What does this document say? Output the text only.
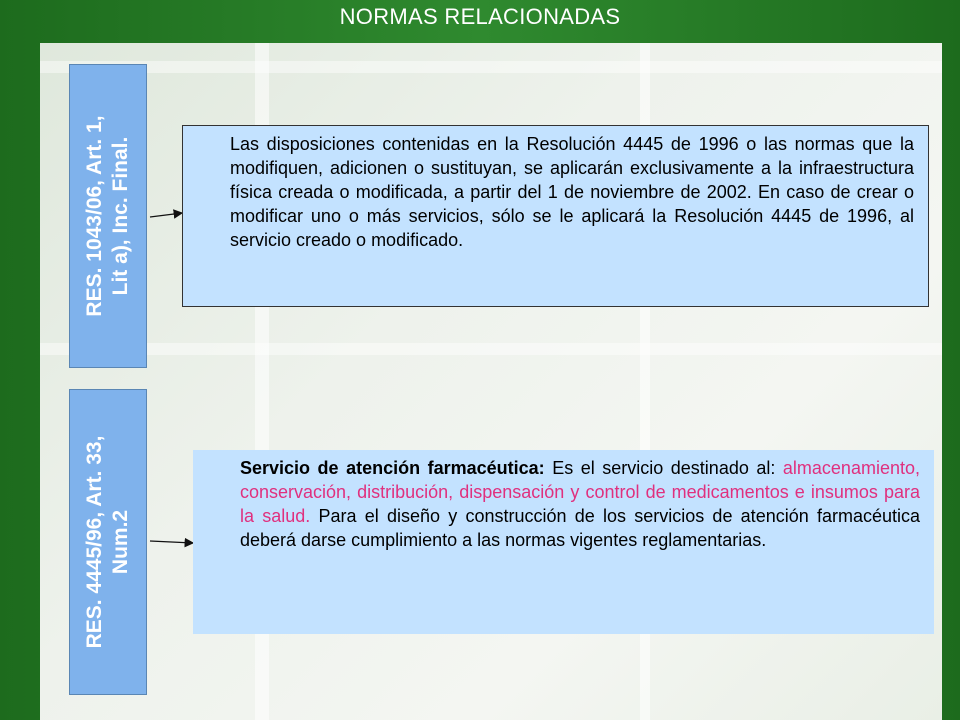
NORMAS RELACIONADAS
RES. 1043/06, Art. 1, Lit a), Inc. Final.
RES. 4445/96, Art. 33, Num.2
Las disposiciones contenidas en la Resolución 4445 de 1996 o las normas que la modifiquen, adicionen o sustituyan, se aplicarán exclusivamente a la infraestructura física creada o modificada, a partir del 1 de noviembre de 2002. En caso de crear o modificar uno o más servicios, sólo se le aplicará la Resolución 4445 de 1996, al servicio creado o modificado.
Servicio de atención farmacéutica: Es el servicio destinado al: almacenamiento, conservación, distribución, dispensación y control de medicamentos e insumos para la salud. Para el diseño y construcción de los servicios de atención farmacéutica deberá darse cumplimiento a las normas vigentes reglamentarias.
